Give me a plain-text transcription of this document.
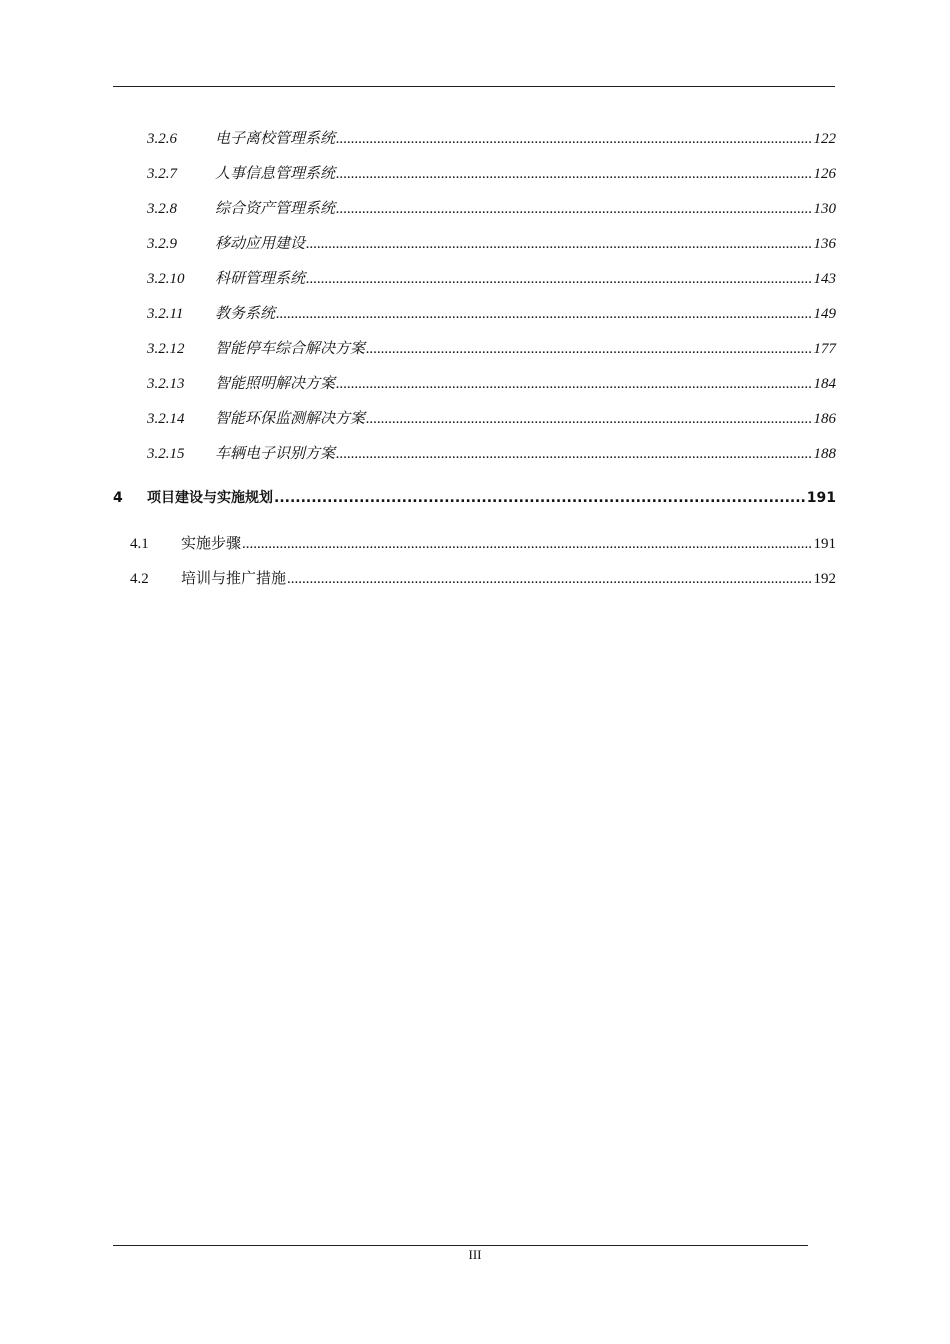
3.2.6	电子离校管理系统 .....	122
3.2.7	人事信息管理系统 .....	126
3.2.8	综合资产管理系统 .....	130
3.2.9	移动应用建设 .....	136
3.2.10	科研管理系统 .....	143
3.2.11	教务系统 .....	149
3.2.12	智能停车综合解决方案 .....	177
3.2.13	智能照明解决方案 .....	184
3.2.14	智能环保监测解决方案 .....	186
3.2.15	车辆电子识别方案 .....	188
4	项目建设与实施规划 .....	191
4.1	实施步骤 .....	191
4.2	培训与推广措施 .....	192
III
